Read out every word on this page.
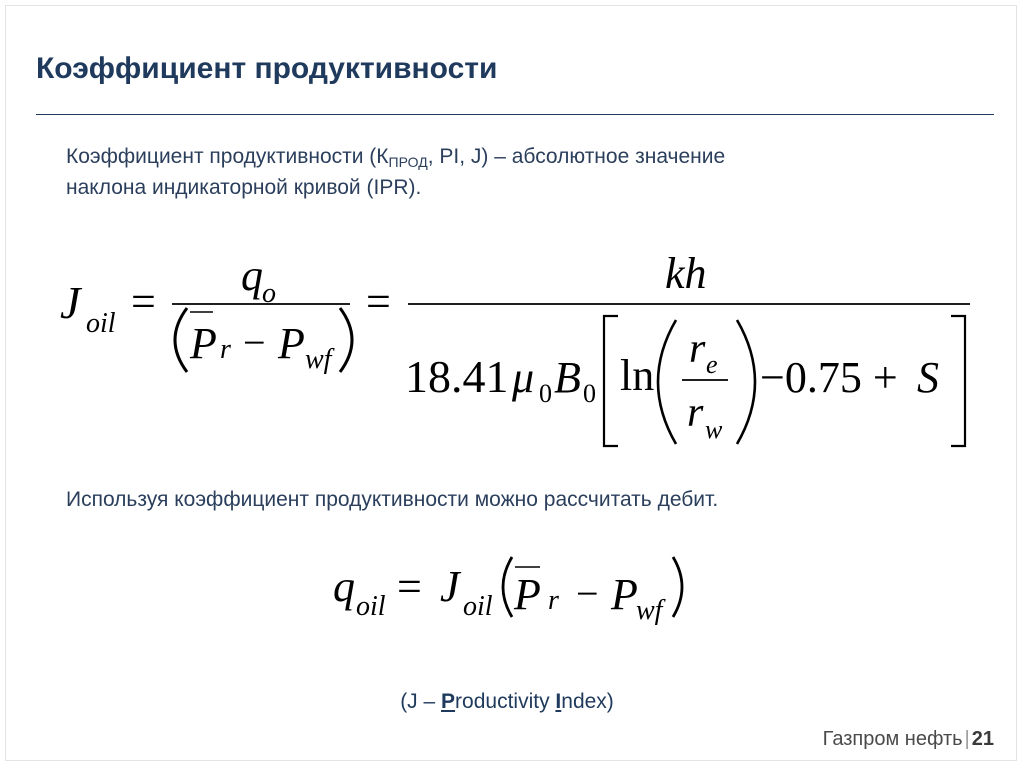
Коэффициент продуктивности
Коэффициент продуктивности ($К_{ПРОД}$, PI, J) – абсолютное значение
наклона индикаторной кривой (IPR).
J oil =
q o
P r − P wf
=
kh
18.41 μ 0 B 0 ln
r e
r w
−0.75 + S
Используя коэффициент продуктивности можно рассчитать дебит.
q oil = J oil P r − P
wf
(J – Productivity Index)
Газпром нефть | 21
